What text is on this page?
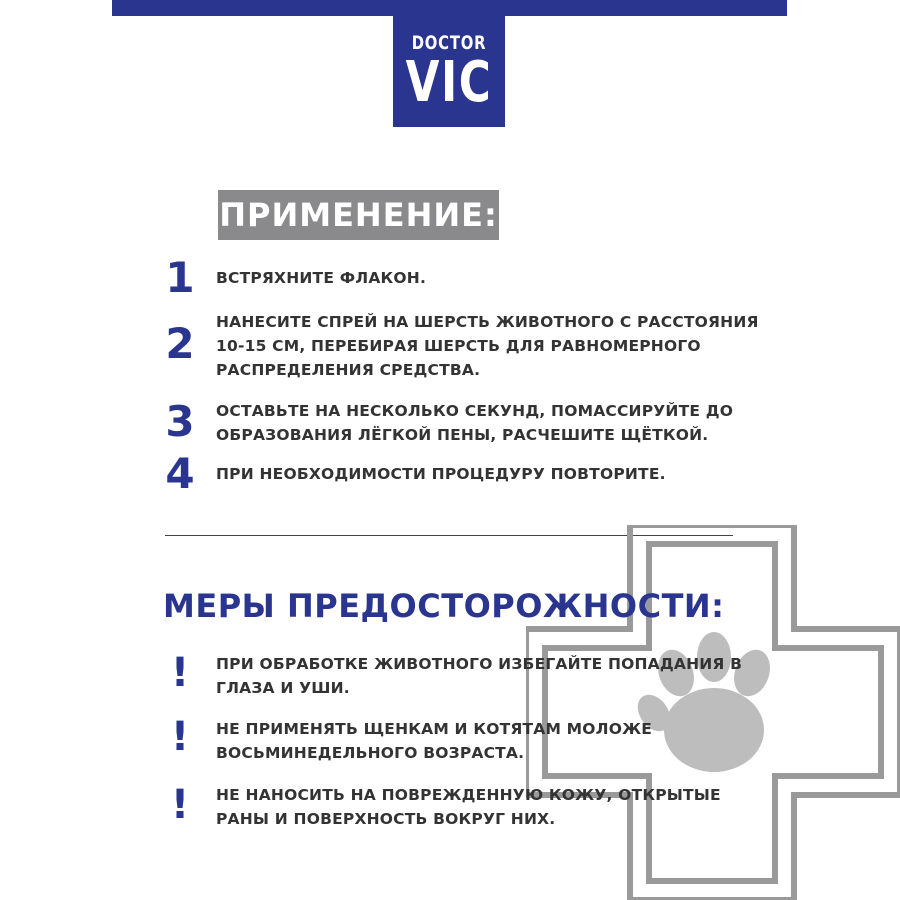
DOCTOR
VIC
ПРИМЕНЕНИЕ:
1	ВСТРЯХНИТЕ ФЛАКОН.

2	НАНЕСИТЕ СПРЕЙ НА ШЕРСТЬ ЖИВОТНОГО С РАССТОЯНИЯ 10-15 СМ, ПЕРЕБИРАЯ ШЕРСТЬ ДЛЯ РАВНОМЕРНОГО РАСПРЕДЕЛЕНИЯ СРЕДСТВА.

3	ОСТАВЬТЕ НА НЕСКОЛЬКО СЕКУНД, ПОМАССИРУЙТЕ ДО ОБРАЗОВАНИЯ ЛЁГКОЙ ПЕНЫ, РАСЧЕШИТЕ ЩЁТКОЙ.

4	ПРИ НЕОБХОДИМОСТИ ПРОЦЕДУРУ ПОВТОРИТЕ.

МЕРЫ ПРЕДОСТОРОЖНОСТИ:
!	ПРИ ОБРАБОТКЕ ЖИВОТНОГО ИЗБЕГАЙТЕ ПОПАДАНИЯ В ГЛАЗА И УШИ.

!	НЕ ПРИМЕНЯТЬ ЩЕНКАМ И КОТЯТАМ МОЛОЖЕ ВОСЬМИНЕДЕЛЬНОГО ВОЗРАСТА.

!	НЕ НАНОСИТЬ НА ПОВРЕЖДЕННУЮ КОЖУ, ОТКРЫТЫЕ РАНЫ И ПОВЕРХНОСТЬ ВОКРУГ НИХ.
